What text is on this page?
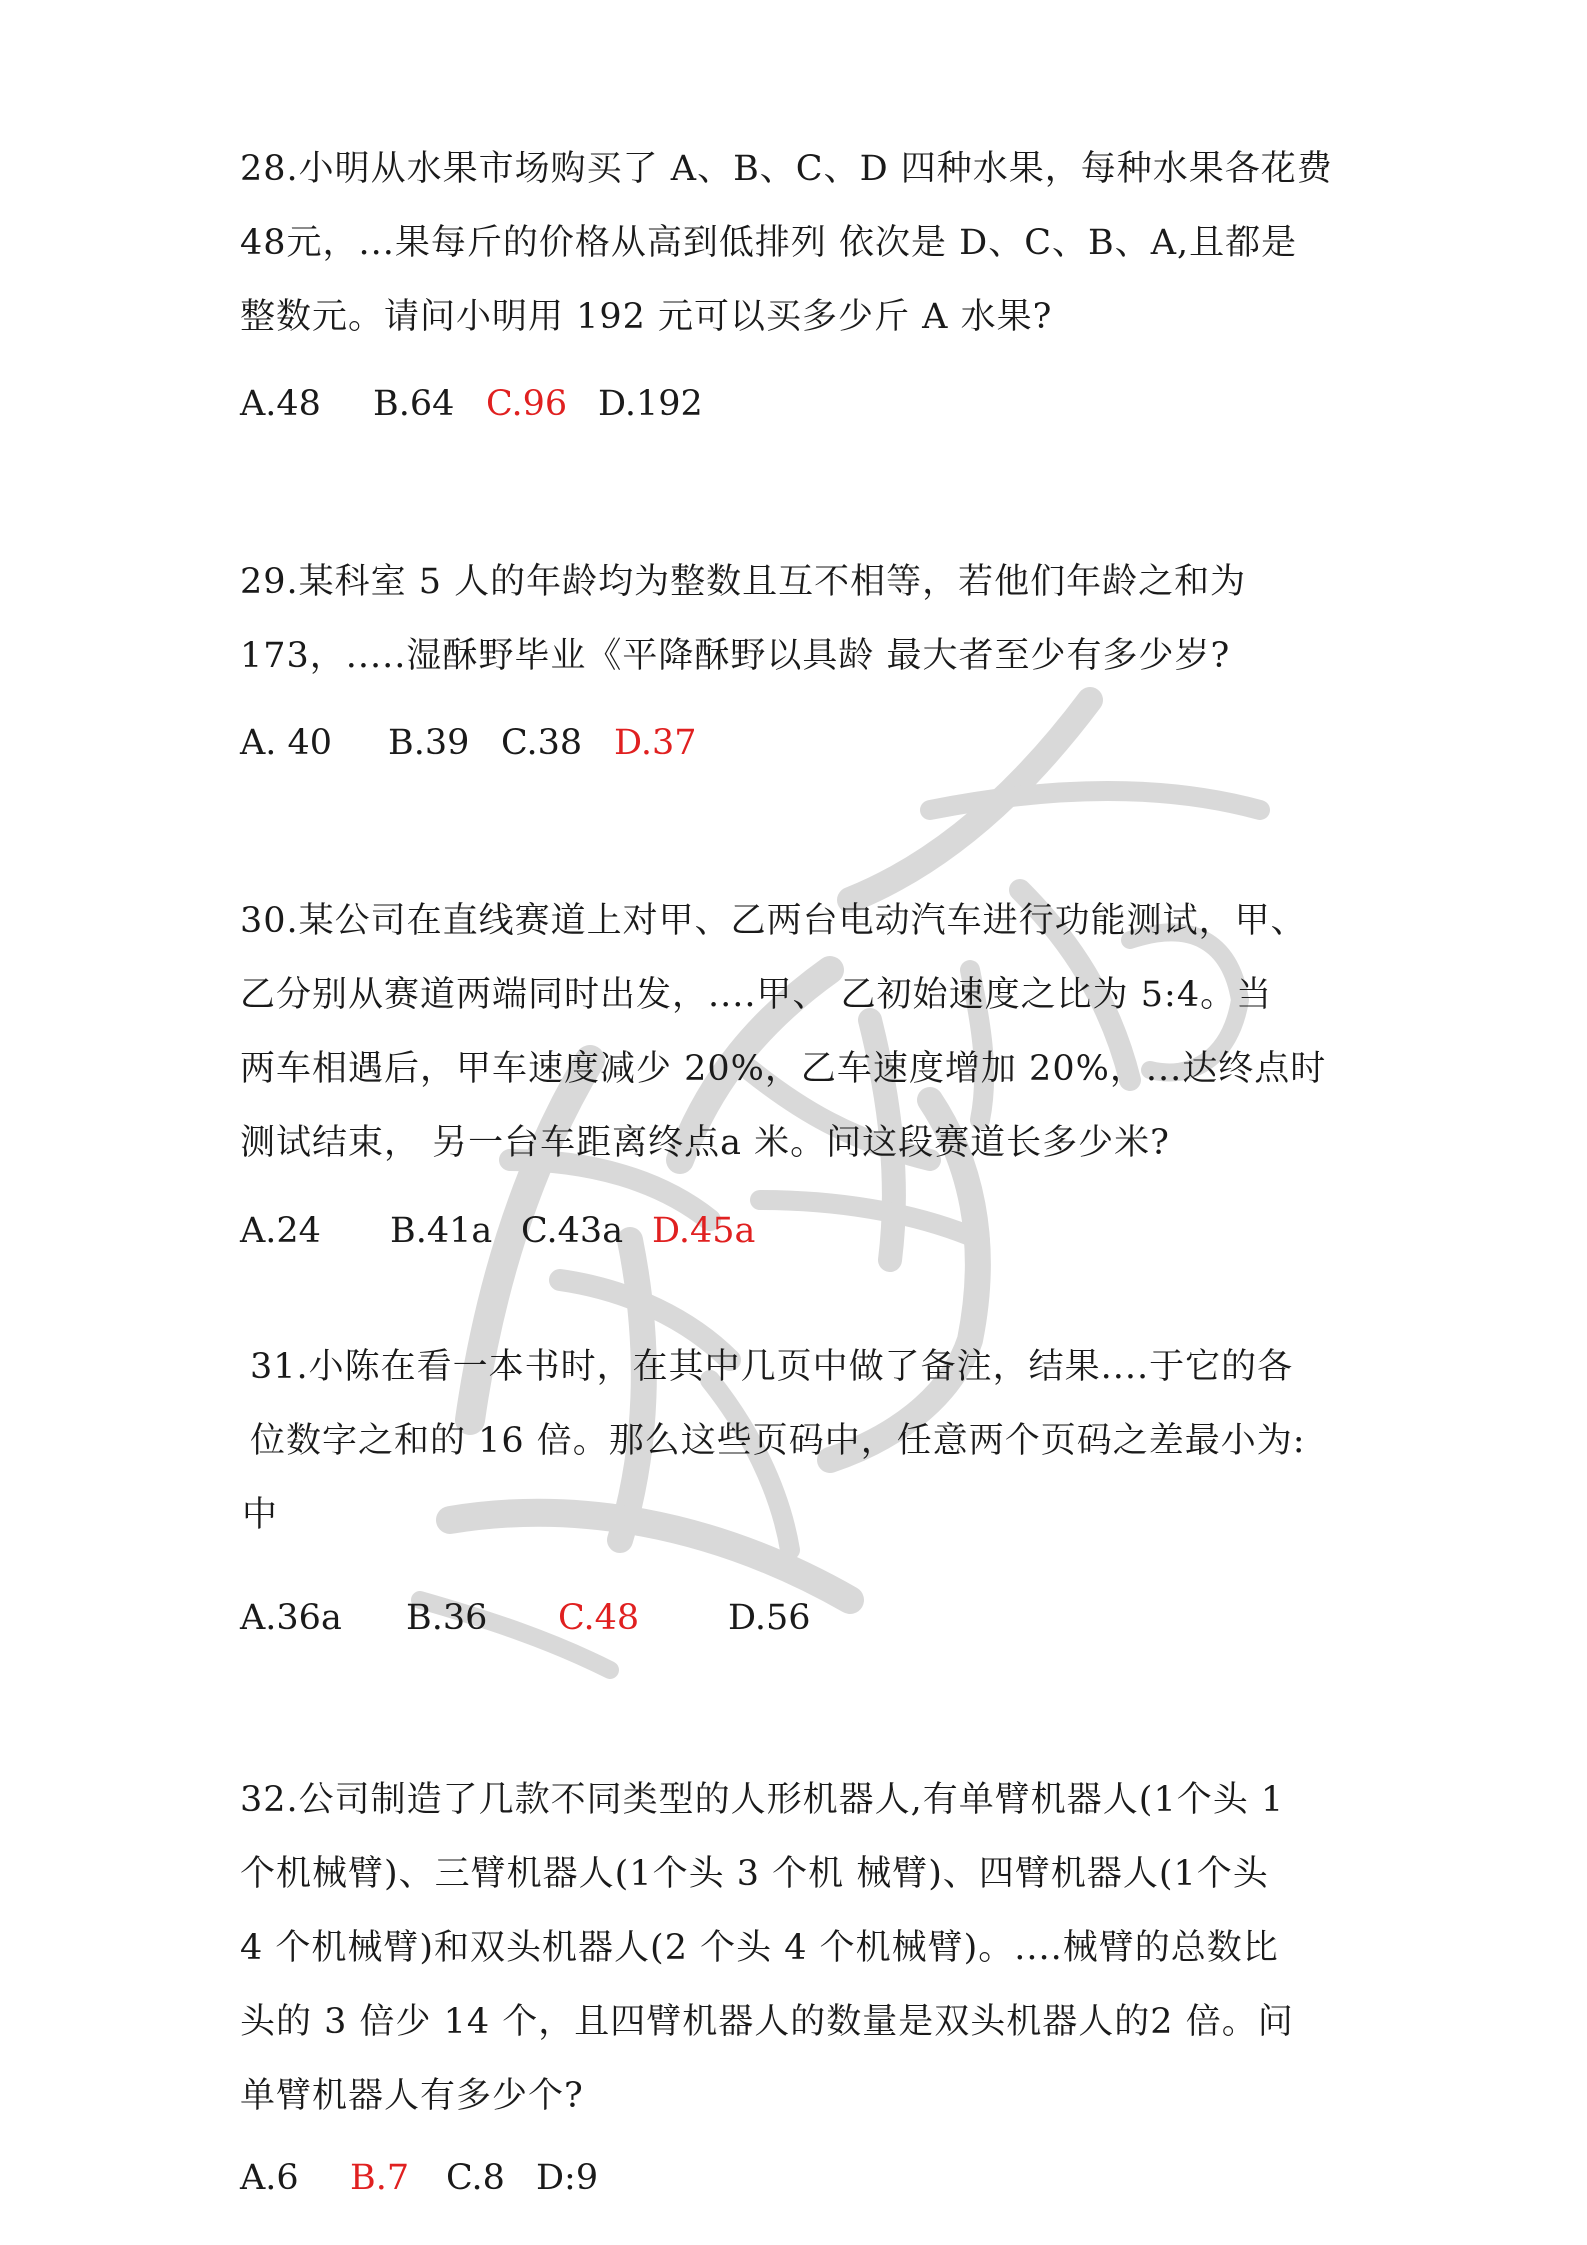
28.小明从水果市场购买了 A、B、C、D 四种水果，每种水果各花费
48元，...果每斤的价格从高到低排列 依次是 D、C、B、A,且都是
整数元。请问小明用 192 元可以买多少斤 A 水果?
A.48 B.64 C.96 D.192
29.某科室 5 人的年龄均为整数且互不相等，若他们年龄之和为
173，.....湿酥野毕业《平降酥野以具龄 最大者至少有多少岁?
A. 40 B.39 C.38 D.37
30.某公司在直线赛道上对甲、乙两台电动汽车进行功能测试，甲、
乙分别从赛道两端同时出发，....甲、 乙初始速度之比为 5:4。当
两车相遇后，甲车速度减少 20%，乙车速度增加 20%，...达终点时
测试结束， 另一台车距离终点a 米。问这段赛道长多少米?
A.24 B.41a C.43a D.45a
31.小陈在看一本书时，在其中几页中做了备注，结果....于它的各
位数字之和的 16 倍。那么这些页码中，任意两个页码之差最小为:
中
A.36a B.36 C.48	D.56
32.公司制造了几款不同类型的人形机器人,有单臂机器人(1个头 1
个机械臂)、三臂机器人(1个头 3 个机 械臂)、四臂机器人(1个头
4 个机械臂)和双头机器人(2 个头 4 个机械臂)。....械臂的总数比
头的 3 倍少 14 个，且四臂机器人的数量是双头机器人的2 倍。问
单臂机器人有多少个?
A.6 B.7 C.8 D:9
